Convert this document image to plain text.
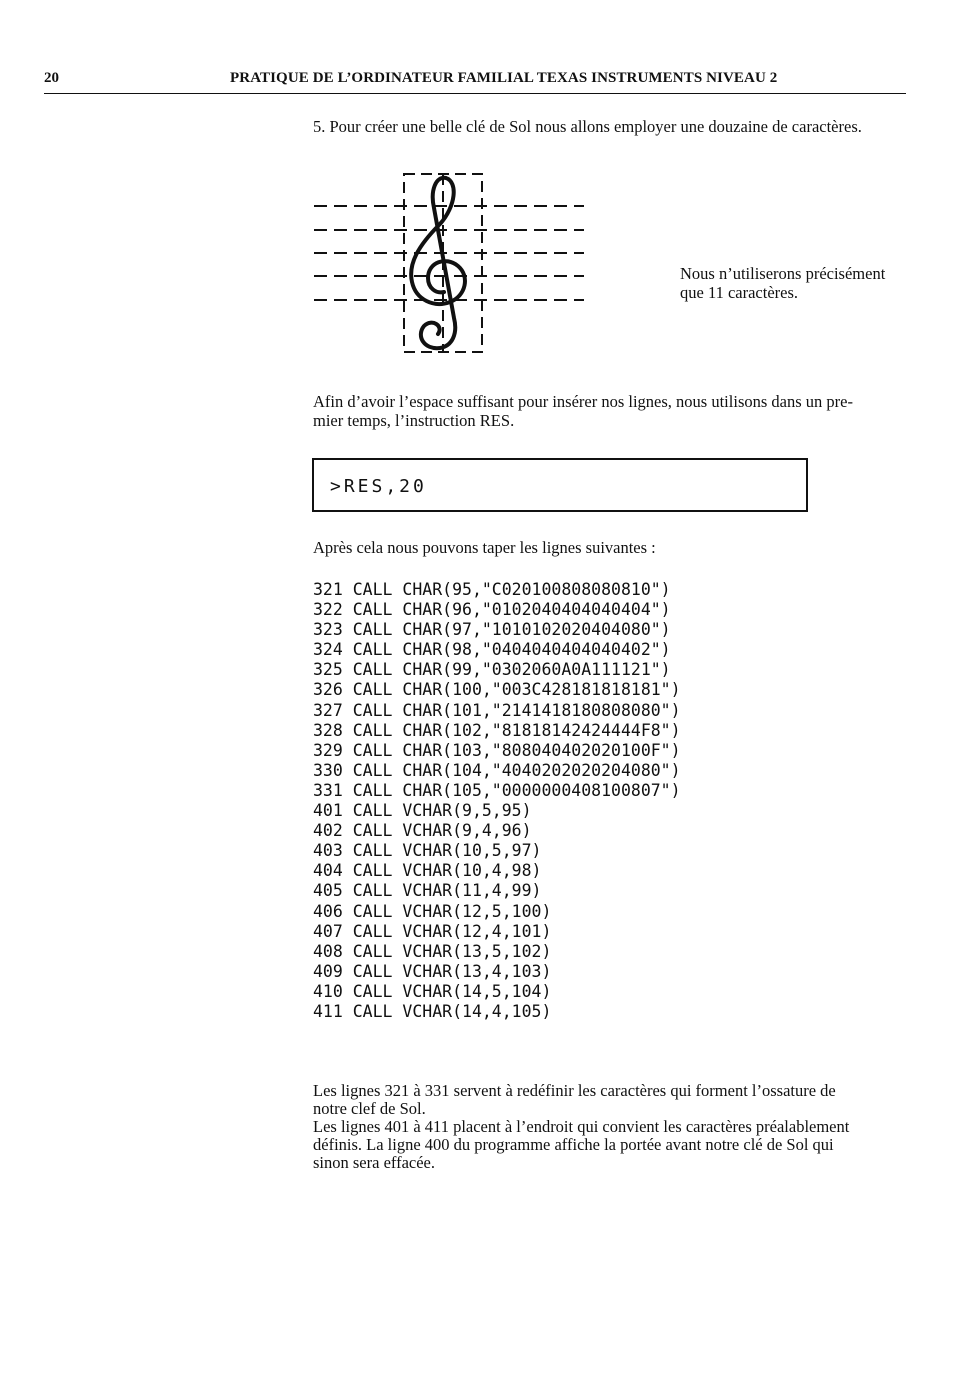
20	PRATIQUE DE L’ORDINATEUR FAMILIAL TEXAS INSTRUMENTS NIVEAU 2

5. Pour créer une belle clé de Sol nous allons employer une douzaine de caractères.

Nous n’utiliserons précisément
que 11 caractères.
Afin d’avoir l’espace suffisant pour insérer nos lignes, nous utilisons dans un pre-
mier temps, l’instruction RES.
>RES,20

Après cela nous pouvons taper les lignes suivantes :

321 CALL CHAR(95,"C020100808080810")
322 CALL CHAR(96,"0102040404040404")
323 CALL CHAR(97,"1010102020404080")
324 CALL CHAR(98,"0404040404040402")
325 CALL CHAR(99,"0302060A0A111121")
326 CALL CHAR(100,"003C428181818181")
327 CALL CHAR(101,"2141418180808080")
328 CALL CHAR(102,"81818142424444F8")
329 CALL CHAR(103,"808040402020100F")
330 CALL CHAR(104,"4040202020204080")
331 CALL CHAR(105,"0000000408100807")
401 CALL VCHAR(9,5,95)
402 CALL VCHAR(9,4,96)
403 CALL VCHAR(10,5,97)
404 CALL VCHAR(10,4,98)
405 CALL VCHAR(11,4,99)
406 CALL VCHAR(12,5,100)
407 CALL VCHAR(12,4,101)
408 CALL VCHAR(13,5,102)
409 CALL VCHAR(13,4,103)
410 CALL VCHAR(14,5,104)
411 CALL VCHAR(14,4,105)
Les lignes 321 à 331 servent à redéfinir les caractères qui forment l’ossature de
notre clef de Sol.
Les lignes 401 à 411 placent à l’endroit qui convient les caractères préalablement
définis. La ligne 400 du programme affiche la portée avant notre clé de Sol qui
sinon sera effacée.
